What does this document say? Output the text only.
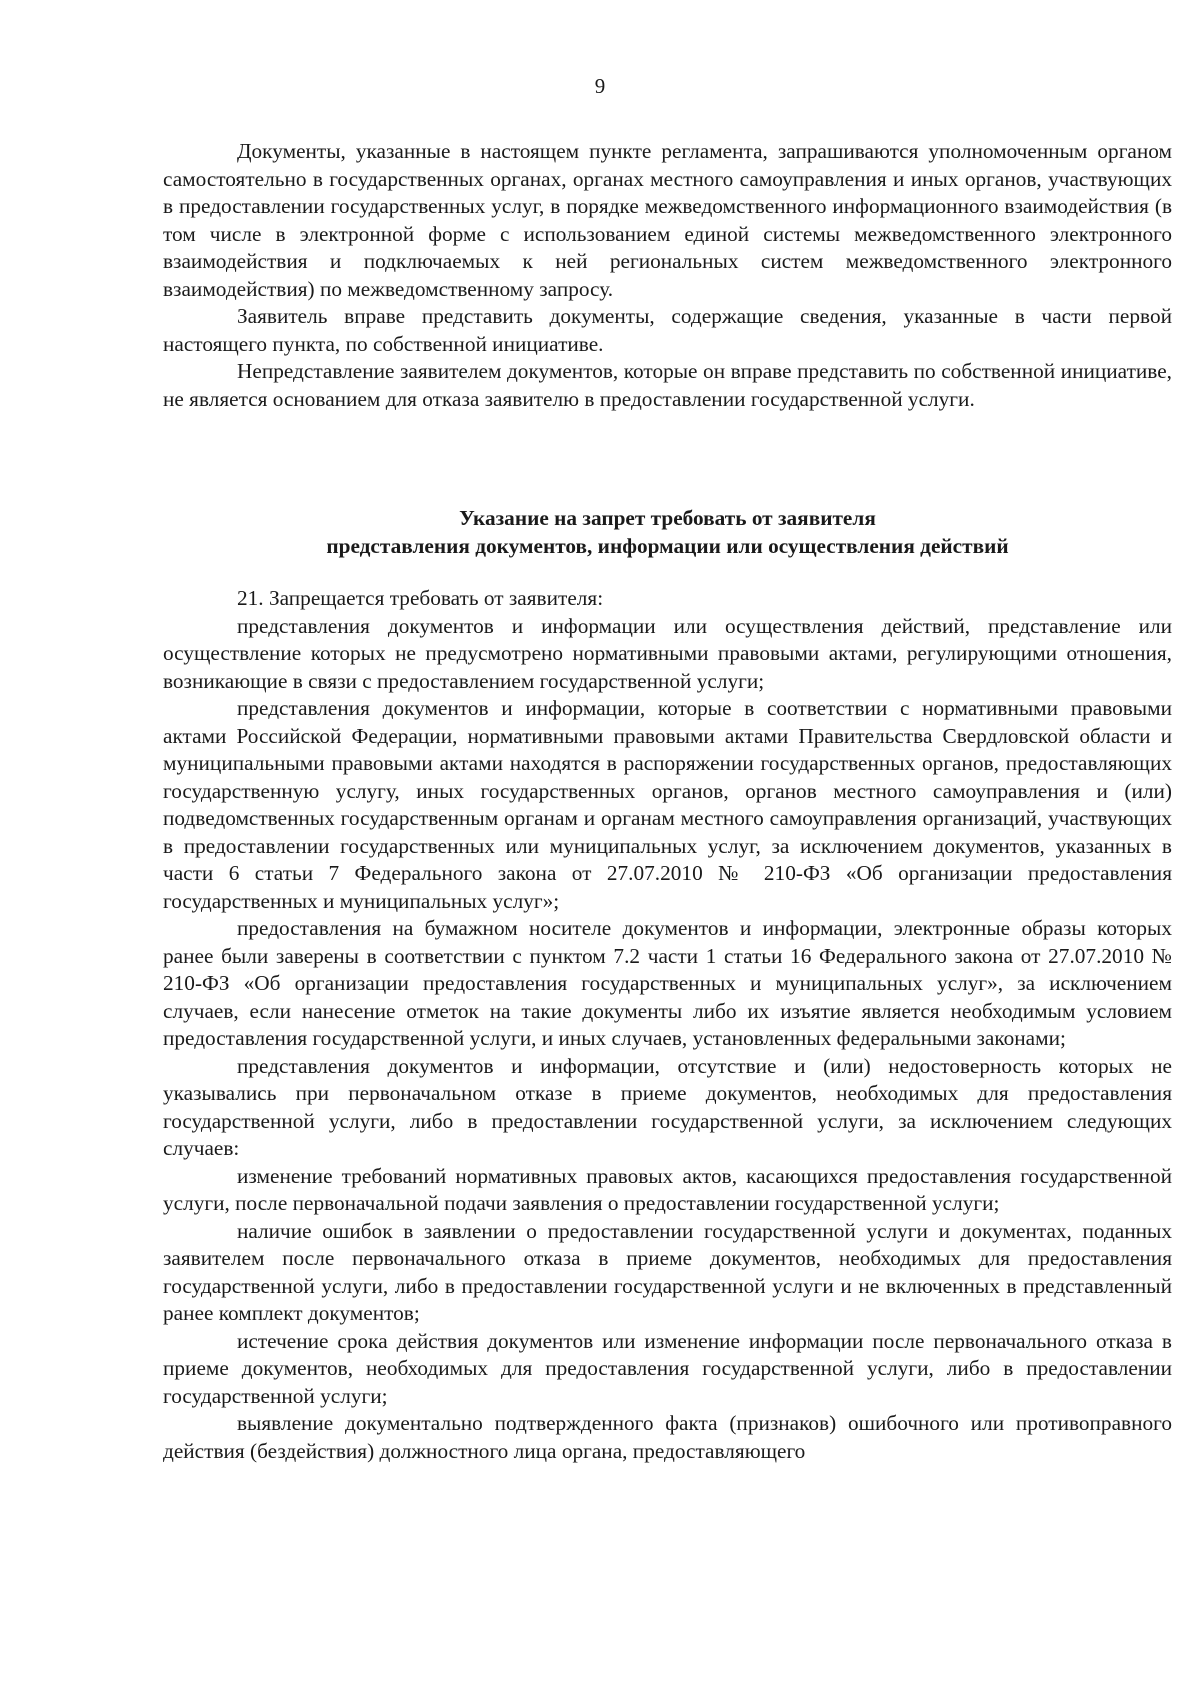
9

Документы, указанные в настоящем пункте регламента, запрашиваются уполномоченным органом самостоятельно в государственных органах, органах местного самоуправления и иных органов, участвующих в предоставлении государственных услуг, в порядке межведомственного информационного взаимодействия (в том числе в электронной форме с использованием единой системы межведомственного электронного взаимодействия и подключаемых к ней региональных систем межведомственного электронного взаимодействия) по межведомственному запросу.

Заявитель вправе представить документы, содержащие сведения, указанные в части первой настоящего пункта, по собственной инициативе.

Непредставление заявителем документов, которые он вправе представить по собственной инициативе, не является основанием для отказа заявителю в предоставлении государственной услуги.

Указание на запрет требовать от заявителя
представления документов, информации или осуществления действий

21. Запрещается требовать от заявителя:

представления документов и информации или осуществления действий, представление или осуществление которых не предусмотрено нормативными правовыми актами, регулирующими отношения, возникающие в связи с предоставлением государственной услуги;

представления документов и информации, которые в соответствии с нормативными правовыми актами Российской Федерации, нормативными правовыми актами Правительства Свердловской области и муниципальными правовыми актами находятся в распоряжении государственных органов, предоставляющих государственную услугу, иных государственных органов, органов местного самоуправления и (или) подведомственных государственным органам и органам местного самоуправления организаций, участвующих в предоставлении государственных или муниципальных услуг, за исключением документов, указанных в части 6 статьи 7 Федерального закона от 27.07.2010 № 210-ФЗ «Об организации предоставления государственных и муниципальных услуг»;

предоставления на бумажном носителе документов и информации, электронные образы которых ранее были заверены в соответствии с пунктом 7.2 части 1 статьи 16 Федерального закона от 27.07.2010 № 210-ФЗ «Об организации предоставления государственных и муниципальных услуг», за исключением случаев, если нанесение отметок на такие документы либо их изъятие является необходимым условием предоставления государственной услуги, и иных случаев, установленных федеральными законами;

представления документов и информации, отсутствие и (или) недостоверность которых не указывались при первоначальном отказе в приеме документов, необходимых для предоставления государственной услуги, либо в предоставлении государственной услуги, за исключением следующих случаев:

изменение требований нормативных правовых актов, касающихся предоставления государственной услуги, после первоначальной подачи заявления о предоставлении государственной услуги;

наличие ошибок в заявлении о предоставлении государственной услуги и документах, поданных заявителем после первоначального отказа в приеме документов, необходимых для предоставления государственной услуги, либо в предоставлении государственной услуги и не включенных в представленный ранее комплект документов;

истечение срока действия документов или изменение информации после первоначального отказа в приеме документов, необходимых для предоставления государственной услуги, либо в предоставлении государственной услуги;

выявление документально подтвержденного факта (признаков) ошибочного или противоправного действия (бездействия) должностного лица органа, предоставляющего
